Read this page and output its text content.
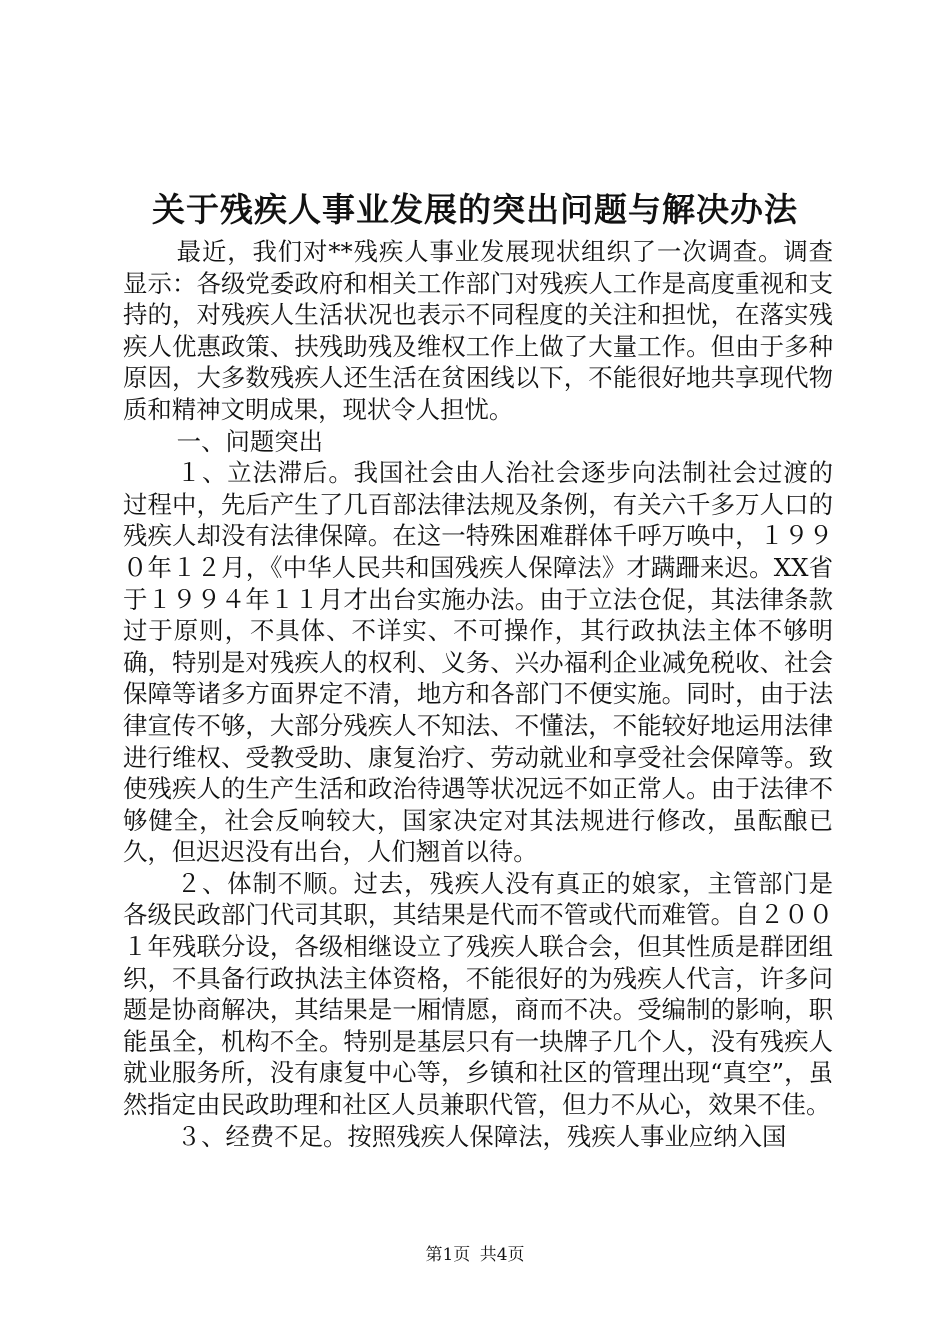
关于残疾人事业发展的突出问题与解决办法

最近，我们对**残疾人事业发展现状组织了一次调查。调查显示：各级党委政府和相关工作部门对残疾人工作是高度重视和支持的，对残疾人生活状况也表示不同程度的关注和担忧，在落实残疾人优惠政策、扶残助残及维权工作上做了大量工作。但由于多种原因，大多数残疾人还生活在贫困线以下，不能很好地共享现代物质和精神文明成果，现状令人担忧。

一、问题突出

１、立法滞后。我国社会由人治社会逐步向法制社会过渡的过程中，先后产生了几百部法律法规及条例，有关六千多万人口的残疾人却没有法律保障。在这一特殊困难群体千呼万唤中，１９９０年１２月，《中华人民共和国残疾人保障法》才蹒跚来迟。XX省于１９９４年１１月才出台实施办法。由于立法仓促，其法律条款过于原则，不具体、不详实、不可操作，其行政执法主体不够明确，特别是对残疾人的权利、义务、兴办福利企业减免税收、社会保障等诸多方面界定不清，地方和各部门不便实施。同时，由于法律宣传不够，大部分残疾人不知法、不懂法，不能较好地运用法律进行维权、受教受助、康复治疗、劳动就业和享受社会保障等。致使残疾人的生产生活和政治待遇等状况远不如正常人。由于法律不够健全，社会反响较大，国家决定对其法规进行修改，虽酝酿已久，但迟迟没有出台，人们翘首以待。

２、体制不顺。过去，残疾人没有真正的娘家，主管部门是各级民政部门代司其职，其结果是代而不管或代而难管。自２００１年残联分设，各级相继设立了残疾人联合会，但其性质是群团组织，不具备行政执法主体资格，不能很好的为残疾人代言，许多问题是协商解决，其结果是一厢情愿，商而不决。受编制的影响，职能虽全，机构不全。特别是基层只有一块牌子几个人，没有残疾人就业服务所，没有康复中心等，乡镇和社区的管理出现“真空”，虽然指定由民政助理和社区人员兼职代管，但力不从心，效果不佳。

３、经费不足。按照残疾人保障法，残疾人事业应纳入国

第1页 共4页
